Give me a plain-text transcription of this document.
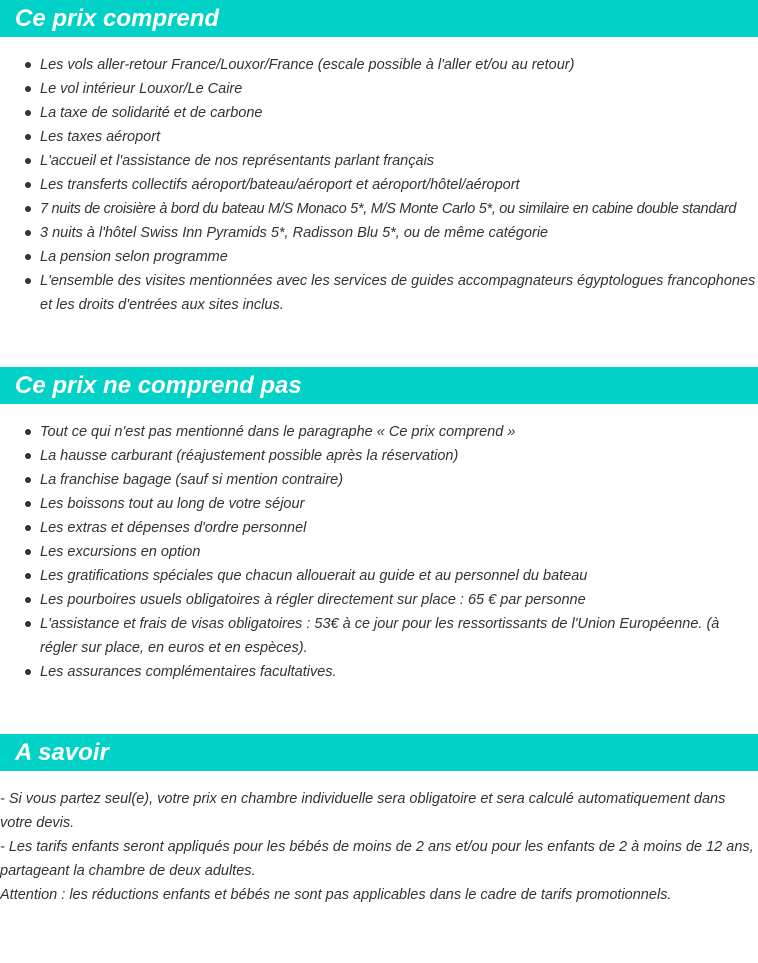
Ce prix comprend
Les vols aller-retour France/Louxor/France (escale possible à l'aller et/ou au retour)
Le vol intérieur Louxor/Le Caire
La taxe de solidarité et de carbone
Les taxes aéroport
L'accueil et l'assistance de nos représentants parlant français
Les transferts collectifs aéroport/bateau/aéroport et aéroport/hôtel/aéroport
7 nuits de croisière à bord du bateau M/S Monaco 5*, M/S Monte Carlo 5*, ou similaire en cabine double standard
3 nuits à l'hôtel Swiss Inn Pyramids 5*, Radisson Blu 5*, ou de même catégorie
La pension selon programme
L'ensemble des visites mentionnées avec les services de guides accompagnateurs égyptologues francophones et les droits d'entrées aux sites inclus.
Ce prix ne comprend pas
Tout ce qui n'est pas mentionné dans le paragraphe « Ce prix comprend »
La hausse carburant (réajustement possible après la réservation)
La franchise bagage (sauf si mention contraire)
Les boissons tout au long de votre séjour
Les extras et dépenses d'ordre personnel
Les excursions en option
Les gratifications spéciales que chacun allouerait au guide et au personnel du bateau
Les pourboires usuels obligatoires à régler directement sur place : 65 € par personne
L'assistance et frais de visas obligatoires : 53€ à ce jour pour les ressortissants de l'Union Européenne. (à régler sur place, en euros et en espèces).
Les assurances complémentaires facultatives.
A savoir

- Si vous partez seul(e), votre prix en chambre individuelle sera obligatoire et sera calculé automatiquement dans votre devis.

- Les tarifs enfants seront appliqués pour les bébés de moins de 2 ans et/ou pour les enfants de 2 à moins de 12 ans, partageant la chambre de deux adultes.

Attention : les réductions enfants et bébés ne sont pas applicables dans le cadre de tarifs promotionnels.
